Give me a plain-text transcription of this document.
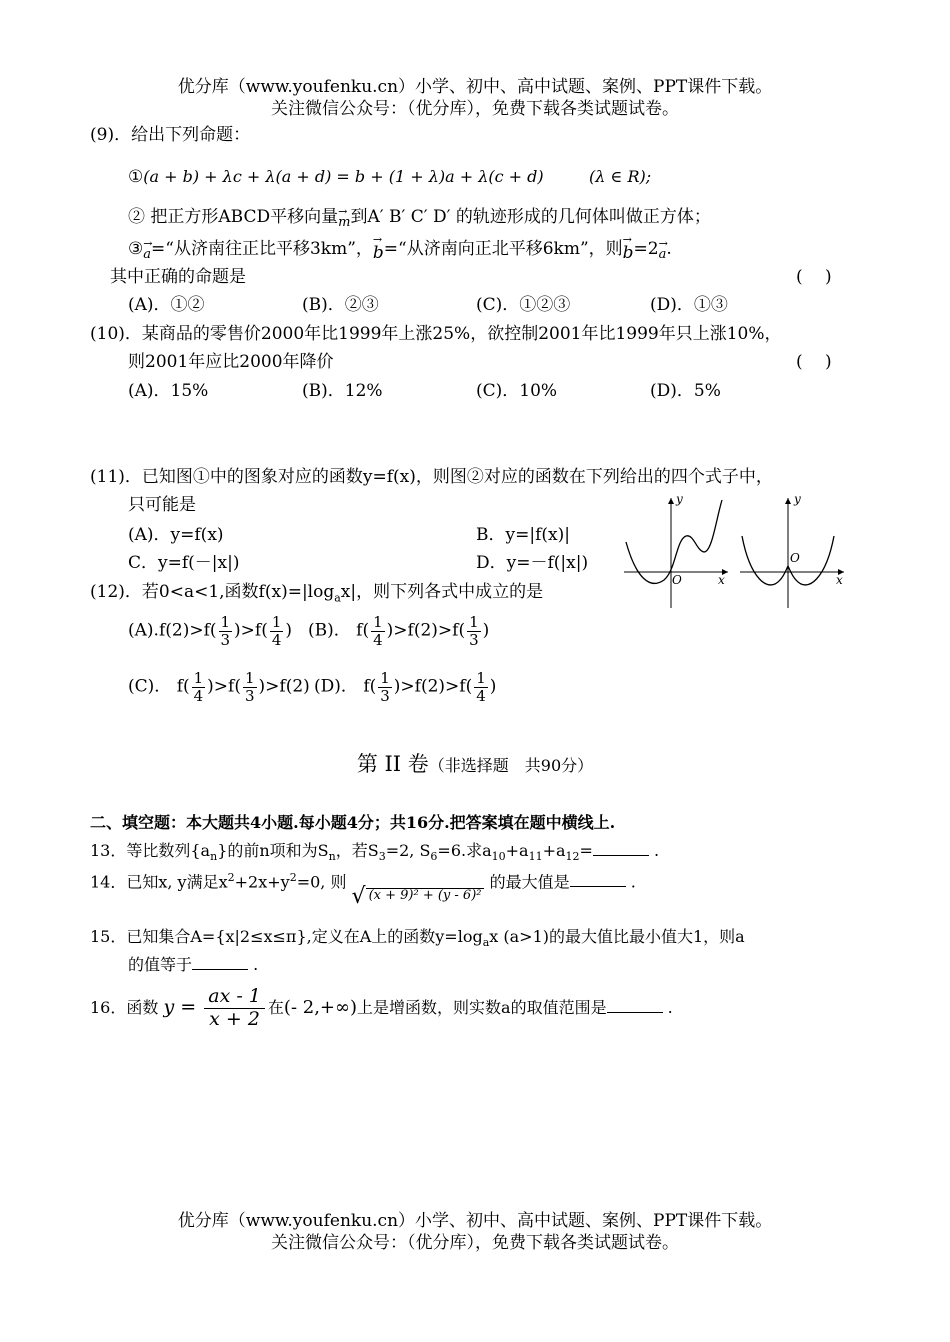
优分库（www.youfenku.cn）小学、初中、高中试题、案例、PPT课件下载。
关注微信公众号：（优分库），免费下载各类试题试卷。
(9)．给出下列命题：
①(a + b) + λc + λ(a + d) = b + (1 + λ)a + λ(c + d)	(λ ∈ R);
② 把正方形ABCD平移向量→ m到A′ B′ C′ D′ 的轨迹形成的几何体叫做正方体；
③→ a=“从济南往正比平移3km”，→ b=“从济南向正北平移6km”，则→ b=2→ a.
其中正确的命题是	(　 )
(A)．①②	(B)．②③	(C)．①②③	(D)．①③
(10)．某商品的零售价2000年比1999年上涨25%，欲控制2001年比1999年只上涨10%，
则2001年应比2000年降价	(　 )
(A)．15%	(B)．12%	(C)．10%	(D)．5%
(11)．已知图①中的图象对应的函数y=f(x)，则图②对应的函数在下列给出的四个式子中，
只可能是
(A)．y=f(x)	B．y=|f(x)|
C．y=f(－|x|)	D．y=－f(|x|)
y
O	x
y
O
x
(12)．若0<a<1,函数$f(x)=|\log_ax|$，则下列各式中成立的是
$(A).f(2)>f( \frac{1}{3} )>f( \frac{1}{4}$ ) (B)． $f( \frac{1}{4} )>f(2)>f( \frac{1}{3}$ )
(C)． $f( \frac{1}{4} )>f( \frac{1}{3} )>f(2)$ (D)． $f( \frac{1}{3} )>f(2)>f( \frac{1}{4}$ )
第 II 卷（非选择题　共90分）
二、填空题：本大题共4小题.每小题4分；共16分.把答案填在题中横线上.
13．等比数列$\{a_n\}$的前n项和为$S_n$，若$S_3=2$, $S_6=6$.求$a_{10}+a_{11}+a_{12}=$	.
14．已知x, y满足$x^2+2x+y^2=0$, 则 √ (x + 9)² + (y - 6)² 的最大值是	.
15．已知集合A={x|2≤x≤π},定义在A上的函数$y=\log_ax$ (a>1)的最大值比最小值大1，则a
的值等于	.
16．函数 $y = \frac{ax - 1}{x + 2}$ 在(- 2,+∞)上是增函数，则实数a的取值范围是	.
优分库（www.youfenku.cn）小学、初中、高中试题、案例、PPT课件下载。
关注微信公众号：（优分库），免费下载各类试题试卷。
